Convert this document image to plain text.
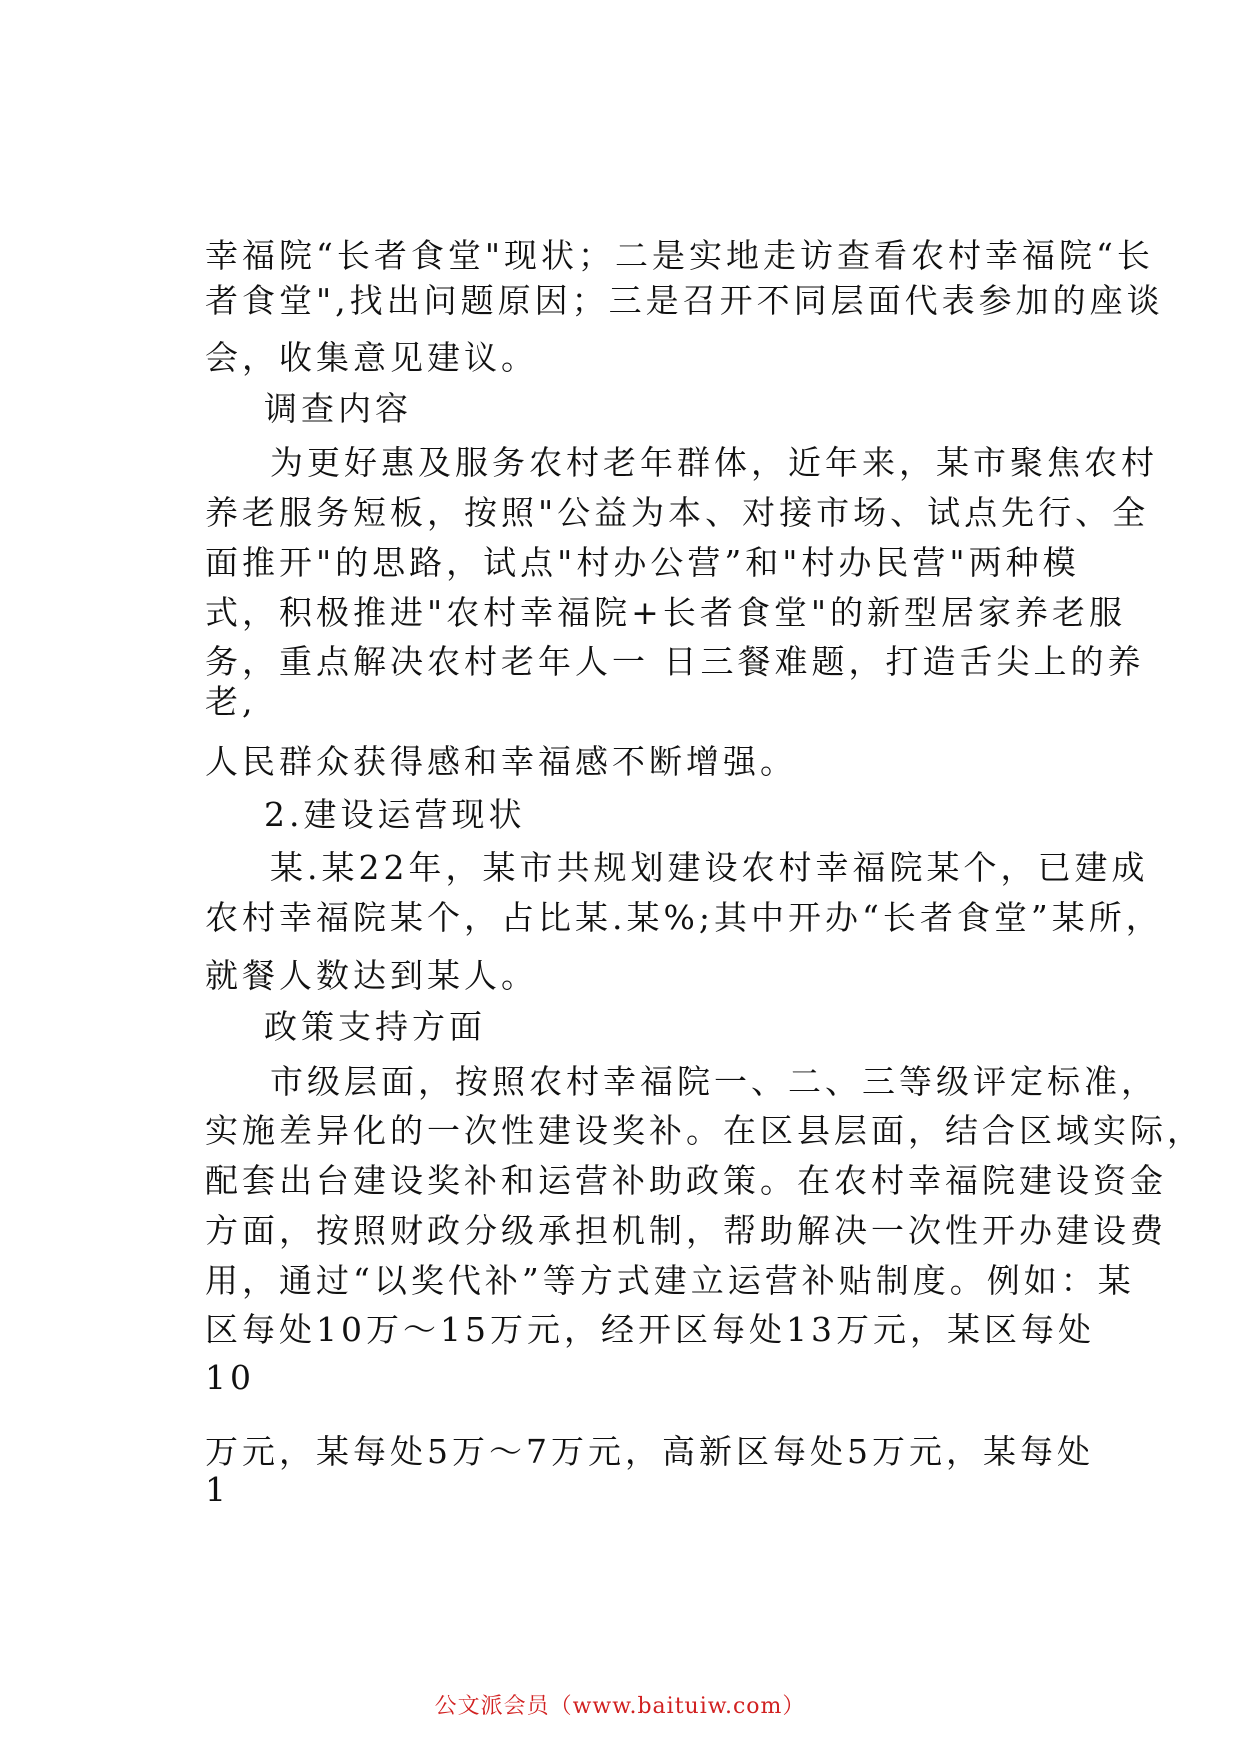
幸福院“长者食堂"现状；二是实地走访查看农村幸福院“长
者食堂",找出问题原因；三是召开不同层面代表参加的座谈
会，收集意见建议。
调查内容
为更好惠及服务农村老年群体，近年来，某市聚焦农村
养老服务短板，按照"公益为本、对接市场、试点先行、全
面推开"的思路，试点"村办公营”和"村办民营"两种模
式，积极推进"农村幸福院+长者食堂"的新型居家养老服
务，重点解决农村老年人一 日三餐难题，打造舌尖上的养
老,
人民群众获得感和幸福感不断增强。
2.建设运营现状
某.某22年，某市共规划建设农村幸福院某个，已建成
农村幸福院某个，占比某.某%;其中开办“长者食堂”某所，
就餐人数达到某人。
政策支持方面
市级层面，按照农村幸福院一、二、三等级评定标准，
实施差异化的一次性建设奖补。在区县层面，结合区域实际，
配套出台建设奖补和运营补助政策。在农村幸福院建设资金
方面，按照财政分级承担机制，帮助解决一次性开办建设费
用，通过“以奖代补”等方式建立运营补贴制度。例如：某
区每处10万～15万元，经开区每处13万元，某区每处
10
万元，某每处5万～7万元，高新区每处5万元，某每处
1
公文派会员（www.baituiw.com）
